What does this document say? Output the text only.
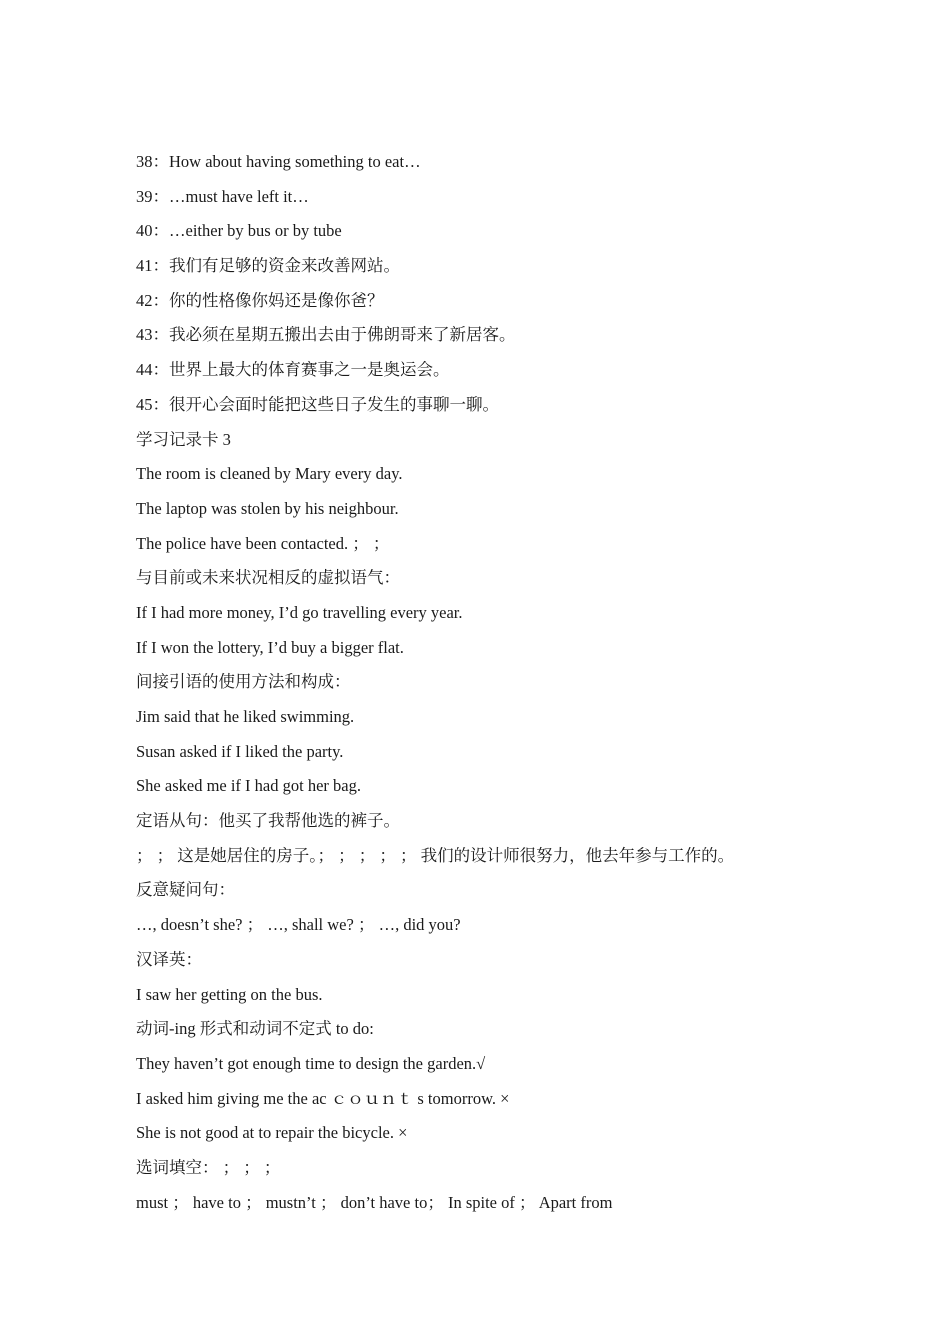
38：How about having something to eat…
39：…must have left it…
40：…either by bus or by tube
41：我们有足够的资金来改善网站。
42：你的性格像你妈还是像你爸？
43：我必须在星期五搬出去由于佛朗哥来了新居客。
44：世界上最大的体育赛事之一是奥运会。
45：很开心会面时能把这些日子发生的事聊一聊。
学习记录卡 3
The room is cleaned by Mary every day.
The laptop was stolen by his neighbour.
The police have been contacted. ； ；
与目前或未来状况相反的虚拟语气：
If I had more money, I’d go travelling every year.
If I won the lottery, I’d buy a bigger flat.
间接引语的使用方法和构成：
Jim said that he liked swimming.
Susan asked if I liked the party.
She asked me if I had got her bag.
定语从句：他买了我帮他选的裤子。
； ； 这是她居住的房子。； ； ； ； ； 我们的设计师很努力，他去年参与工作的。
反意疑问句：
…, doesn’t she? ； …, shall we? ； …, did you?
汉译英：
I saw her getting on the bus.
动词-ing 形式和动词不定式 to do:
They haven’t got enough time to design the garden.√
I asked him giving me the ac ｃｏｕｎｔ s tomorrow. ×
She is not good at to repair the bicycle. ×
选词填空： ； ； ；
must ； have to ； mustn’t ； don’t have to； In spite of ； Apart from
